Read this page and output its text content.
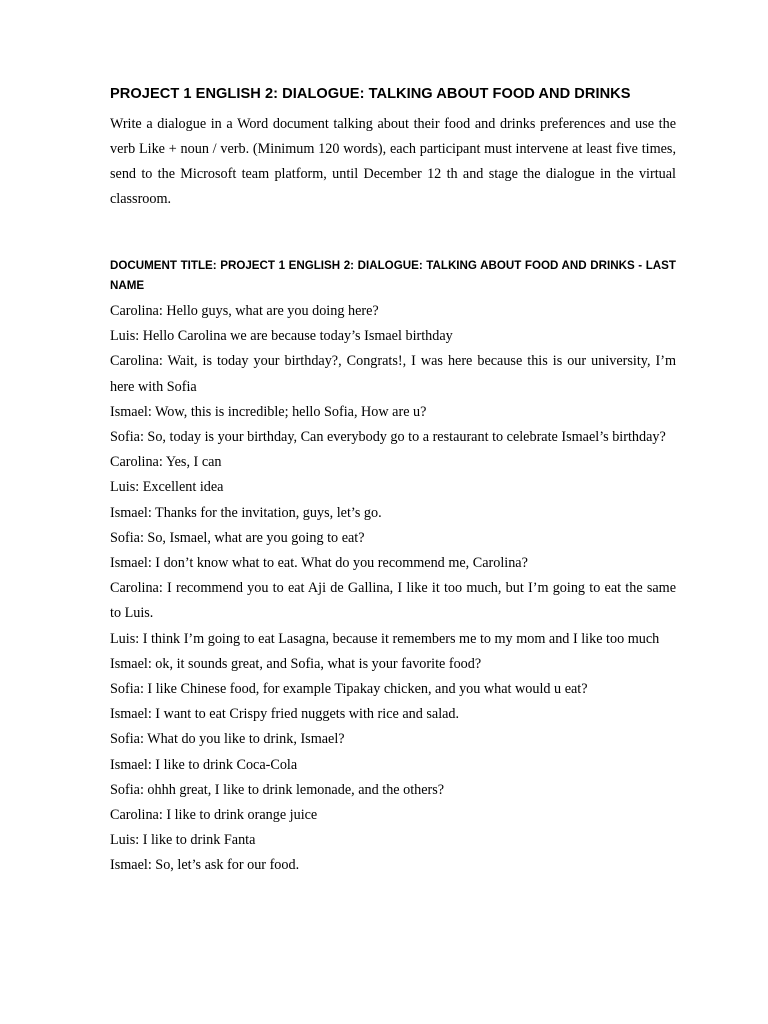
PROJECT 1 ENGLISH 2: DIALOGUE: TALKING ABOUT FOOD AND DRINKS

Write a dialogue in a Word document talking about their food and drinks preferences and use the verb Like + noun / verb. (Minimum 120 words), each participant must intervene at least five times, send to the Microsoft team platform, until December 12 th and stage the dialogue in the virtual classroom.

DOCUMENT TITLE: PROJECT 1 ENGLISH 2: DIALOGUE: TALKING ABOUT FOOD AND DRINKS - LAST NAME

Carolina: Hello guys, what are you doing here?
Luis: Hello Carolina we are because today’s Ismael birthday
Carolina: Wait, is today your birthday?, Congrats!, I was here because this is our university, I’m here with Sofia
Ismael: Wow, this is incredible; hello Sofia, How are u?
Sofia: So, today is your birthday, Can everybody go to a restaurant to celebrate Ismael’s birthday?
Carolina: Yes, I can
Luis: Excellent idea
Ismael: Thanks for the invitation, guys, let’s go.
Sofia: So, Ismael, what are you going to eat?
Ismael: I don’t know what to eat. What do you recommend me, Carolina?
Carolina: I recommend you to eat Aji de Gallina, I like it too much, but I’m going to eat the same to Luis.
Luis: I think I’m going to eat Lasagna, because it remembers me to my mom and I like too much
Ismael: ok, it sounds great, and Sofia, what is your favorite food?
Sofia: I like Chinese food, for example Tipakay chicken, and you what would u eat?
Ismael: I want to eat Crispy fried nuggets with rice and salad.
Sofia: What do you like to drink, Ismael?
Ismael: I like to drink Coca-Cola
Sofia: ohhh great, I like to drink lemonade, and the others?
Carolina: I like to drink orange juice
Luis: I like to drink Fanta
Ismael: So, let’s ask for our food.
